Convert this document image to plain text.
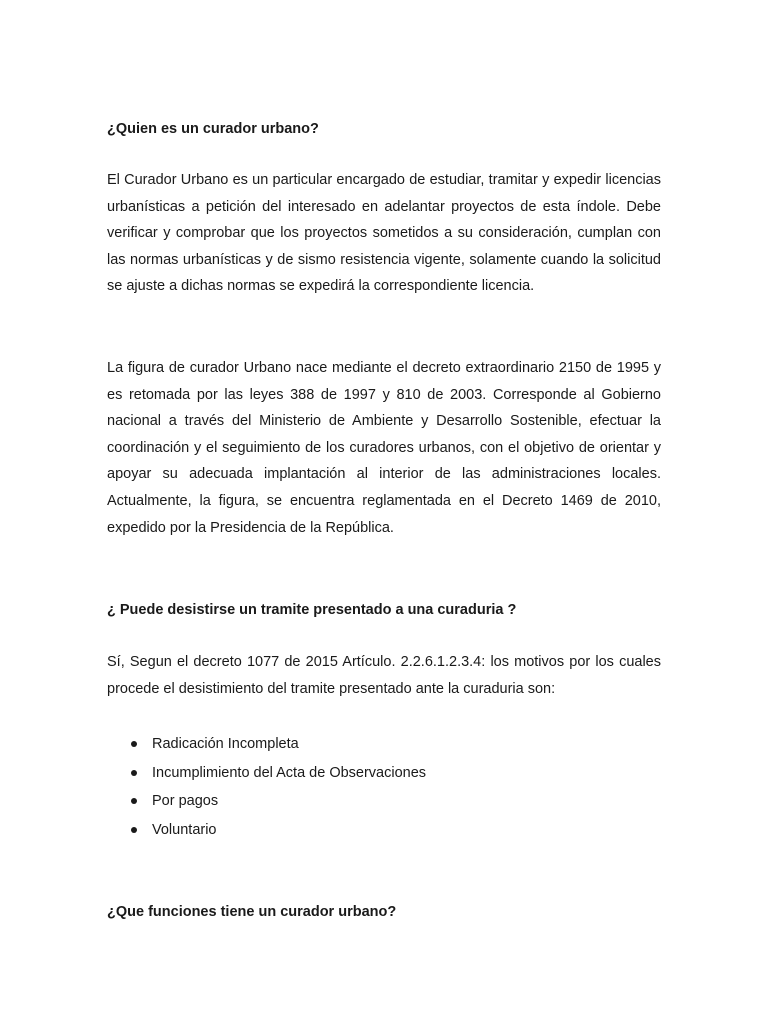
¿Quien es un curador urbano?

El Curador Urbano es un particular encargado de estudiar, tramitar y expedir licencias urbanísticas a petición del interesado en adelantar proyectos de esta índole. Debe verificar y comprobar que los proyectos sometidos a su consideración, cumplan con las normas urbanísticas y de sismo resistencia vigente, solamente cuando la solicitud se ajuste a dichas normas se expedirá la correspondiente licencia.

La figura de curador Urbano nace mediante el decreto extraordinario 2150 de 1995 y es retomada por las leyes 388 de 1997 y 810 de 2003. Corresponde al Gobierno nacional a través del Ministerio de Ambiente y Desarrollo Sostenible, efectuar la coordinación y el seguimiento de los curadores urbanos, con el objetivo de orientar y apoyar su adecuada implantación al interior de las administraciones locales. Actualmente, la figura, se encuentra reglamentada en el Decreto 1469 de 2010, expedido por la Presidencia de la República.

¿ Puede desistirse un tramite presentado a una curaduria ?

Sí, Segun el decreto 1077 de 2015 Artículo. 2.2.6.1.2.3.4: los motivos por los cuales procede el desistimiento del tramite presentado ante la curaduria son:

Radicación Incompleta
Incumplimiento del Acta de Observaciones
Por pagos
Voluntario
¿Que funciones tiene un curador urbano?
